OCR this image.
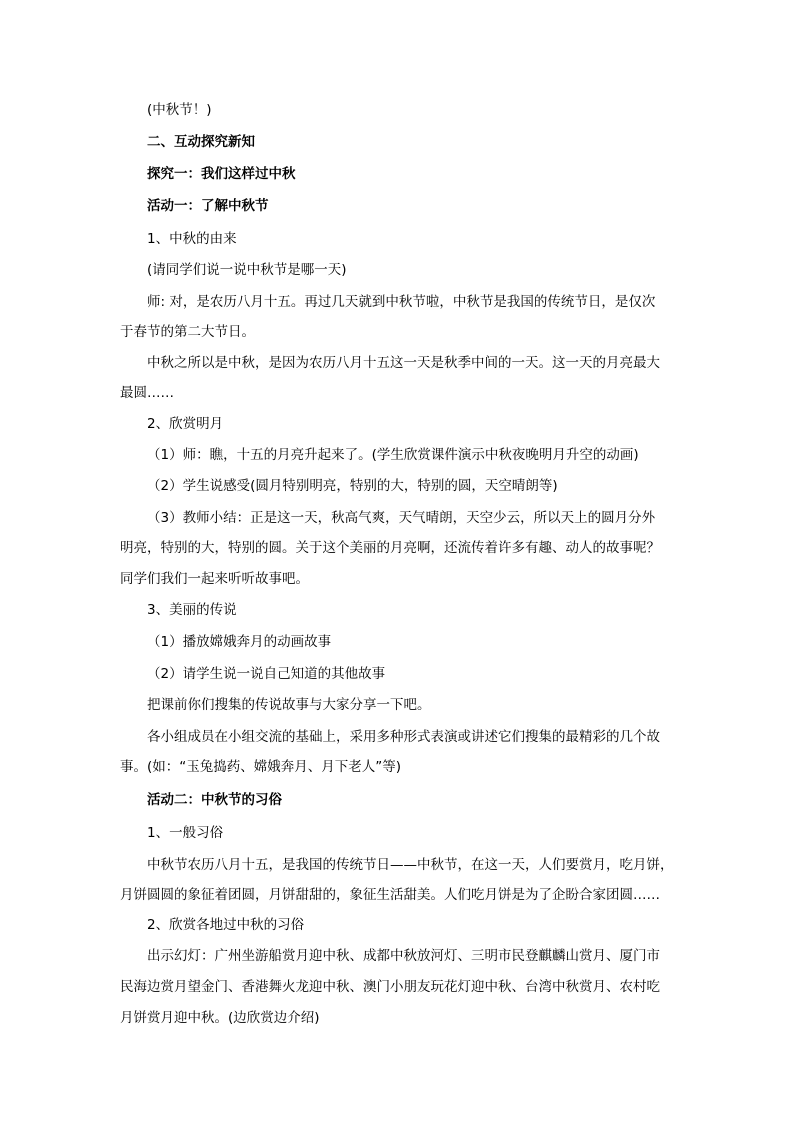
(中秋节！)
二、互动探究新知
探究一：我们这样过中秋
活动一：了解中秋节
1、中秋的由来
(请同学们说一说中秋节是哪一天)
师: 对，是农历八月十五。再过几天就到中秋节啦，中秋节是我国的传统节日，是仅次
于春节的第二大节日。
中秋之所以是中秋，是因为农历八月十五这一天是秋季中间的一天。这一天的月亮最大
最圆……
2、欣赏明月
（1）师：瞧，十五的月亮升起来了。(学生欣赏课件演示中秋夜晚明月升空的动画)
（2）学生说感受(圆月特别明亮，特别的大，特别的圆，天空晴朗等)
（3）教师小结：正是这一天，秋高气爽，天气晴朗，天空少云，所以天上的圆月分外
明亮，特别的大，特别的圆。关于这个美丽的月亮啊，还流传着许多有趣、动人的故事呢？
同学们我们一起来听听故事吧。
3、美丽的传说
（1）播放嫦娥奔月的动画故事
（2）请学生说一说自己知道的其他故事
把课前你们搜集的传说故事与大家分享一下吧。
各小组成员在小组交流的基础上，采用多种形式表演或讲述它们搜集的最精彩的几个故
事。(如：“玉兔捣药、嫦娥奔月、月下老人”等)
活动二：中秋节的习俗
1、一般习俗
中秋节农历八月十五，是我国的传统节日——中秋节，在这一天，人们要赏月，吃月饼，
月饼圆圆的象征着团圆，月饼甜甜的，象征生活甜美。人们吃月饼是为了企盼合家团圆……
2、欣赏各地过中秋的习俗
出示幻灯：广州坐游船赏月迎中秋、成都中秋放河灯、三明市民登麒麟山赏月、厦门市
民海边赏月望金门、香港舞火龙迎中秋、澳门小朋友玩花灯迎中秋、台湾中秋赏月、农村吃
月饼赏月迎中秋。(边欣赏边介绍)
